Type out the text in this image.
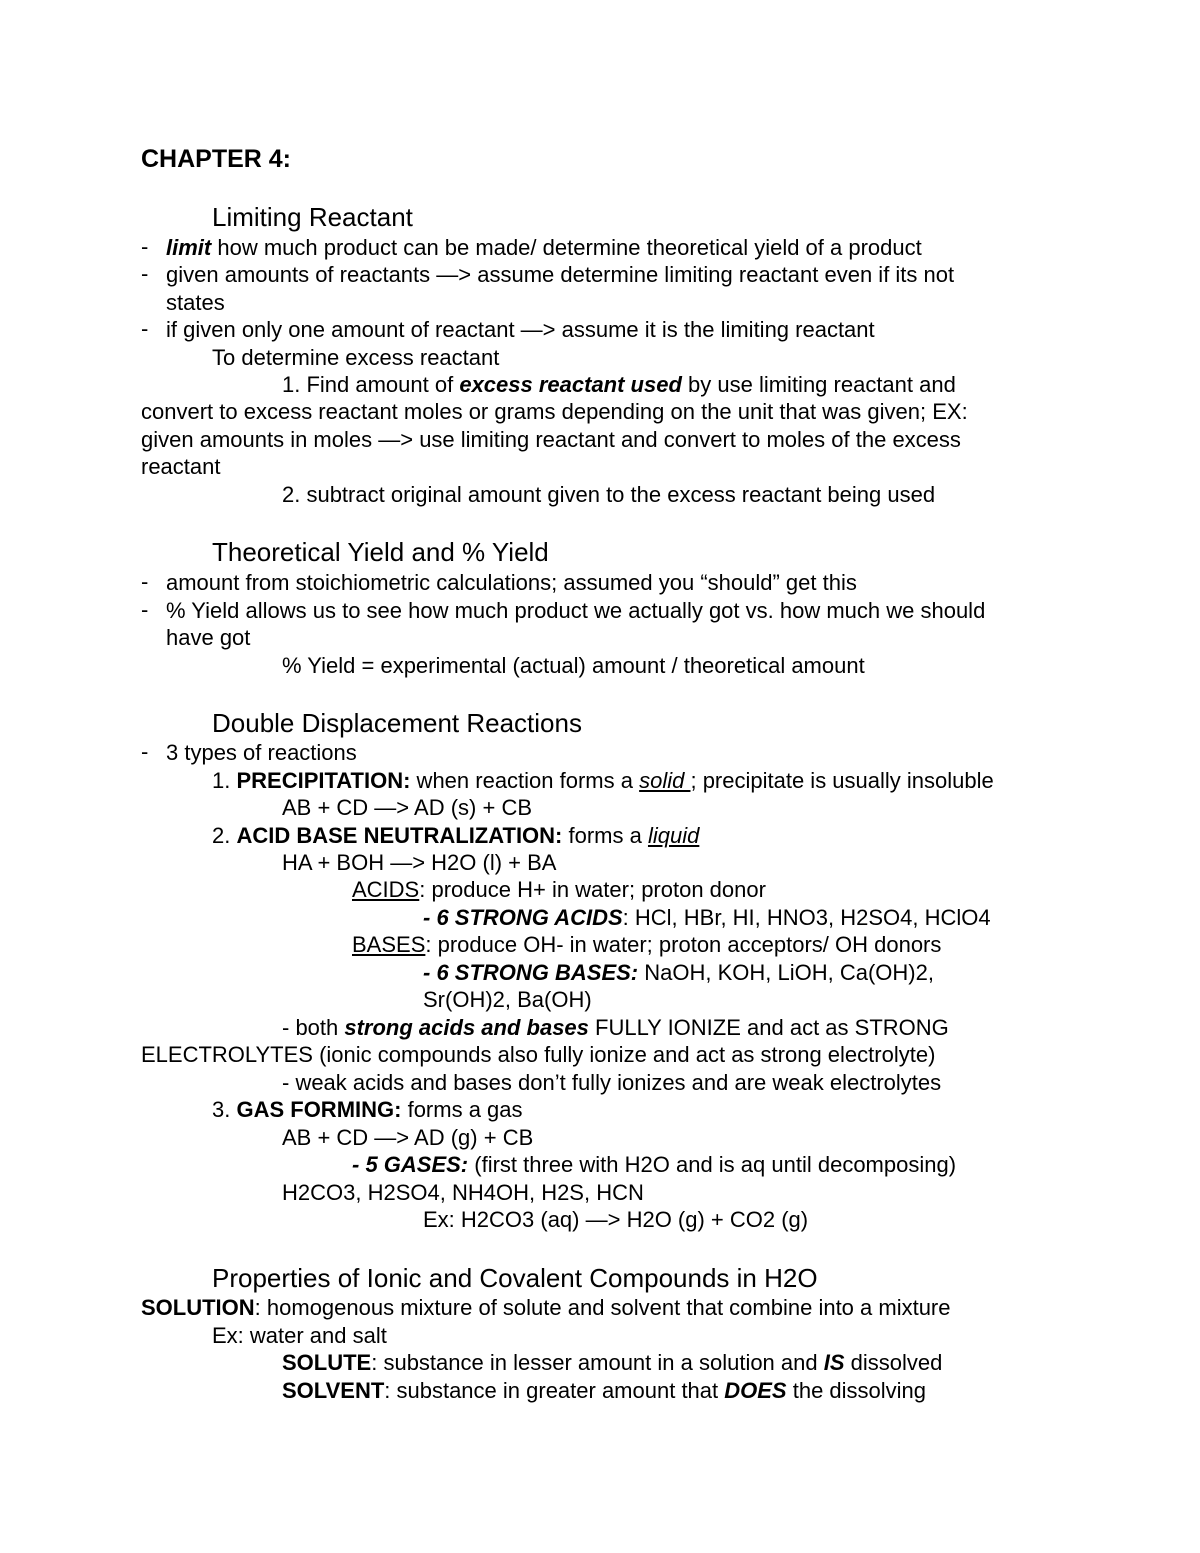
CHAPTER 4:
Limiting Reactant
- limit how much product can be made/ determine theoretical yield of a product
- given amounts of reactants —> assume determine limiting reactant even if its not
states
- if given only one amount of reactant —> assume it is the limiting reactant
To determine excess reactant
1. Find amount of excess reactant used by use limiting reactant and
convert to excess reactant moles or grams depending on the unit that was given; EX:
given amounts in moles —> use limiting reactant and convert to moles of the excess
reactant
2. subtract original amount given to the excess reactant being used
Theoretical Yield and % Yield
- amount from stoichiometric calculations; assumed you “should” get this
- % Yield allows us to see how much product we actually got vs. how much we should
have got
% Yield = experimental (actual) amount / theoretical amount
Double Displacement Reactions
- 3 types of reactions
1. PRECIPITATION: when reaction forms a solid ; precipitate is usually insoluble
AB + CD —> AD (s) + CB
2. ACID BASE NEUTRALIZATION: forms a liquid
HA + BOH —> H2O (l) + BA
ACIDS: produce H+ in water; proton donor
- 6 STRONG ACIDS: HCl, HBr, HI, HNO3, H2SO4, HClO4
BASES: produce OH- in water; proton acceptors/ OH donors
- 6 STRONG BASES: NaOH, KOH, LiOH, Ca(OH)2,
Sr(OH)2, Ba(OH)
- both strong acids and bases FULLY IONIZE and act as STRONG
ELECTROLYTES (ionic compounds also fully ionize and act as strong electrolyte)
- weak acids and bases don’t fully ionizes and are weak electrolytes
3. GAS FORMING: forms a gas
AB + CD —> AD (g) + CB
- 5 GASES: (first three with H2O and is aq until decomposing)
H2CO3, H2SO4, NH4OH, H2S, HCN
Ex: H2CO3 (aq) —> H2O (g) + CO2 (g)
Properties of Ionic and Covalent Compounds in H2O
SOLUTION: homogenous mixture of solute and solvent that combine into a mixture
Ex: water and salt
SOLUTE: substance in lesser amount in a solution and IS dissolved
SOLVENT: substance in greater amount that DOES the dissolving
